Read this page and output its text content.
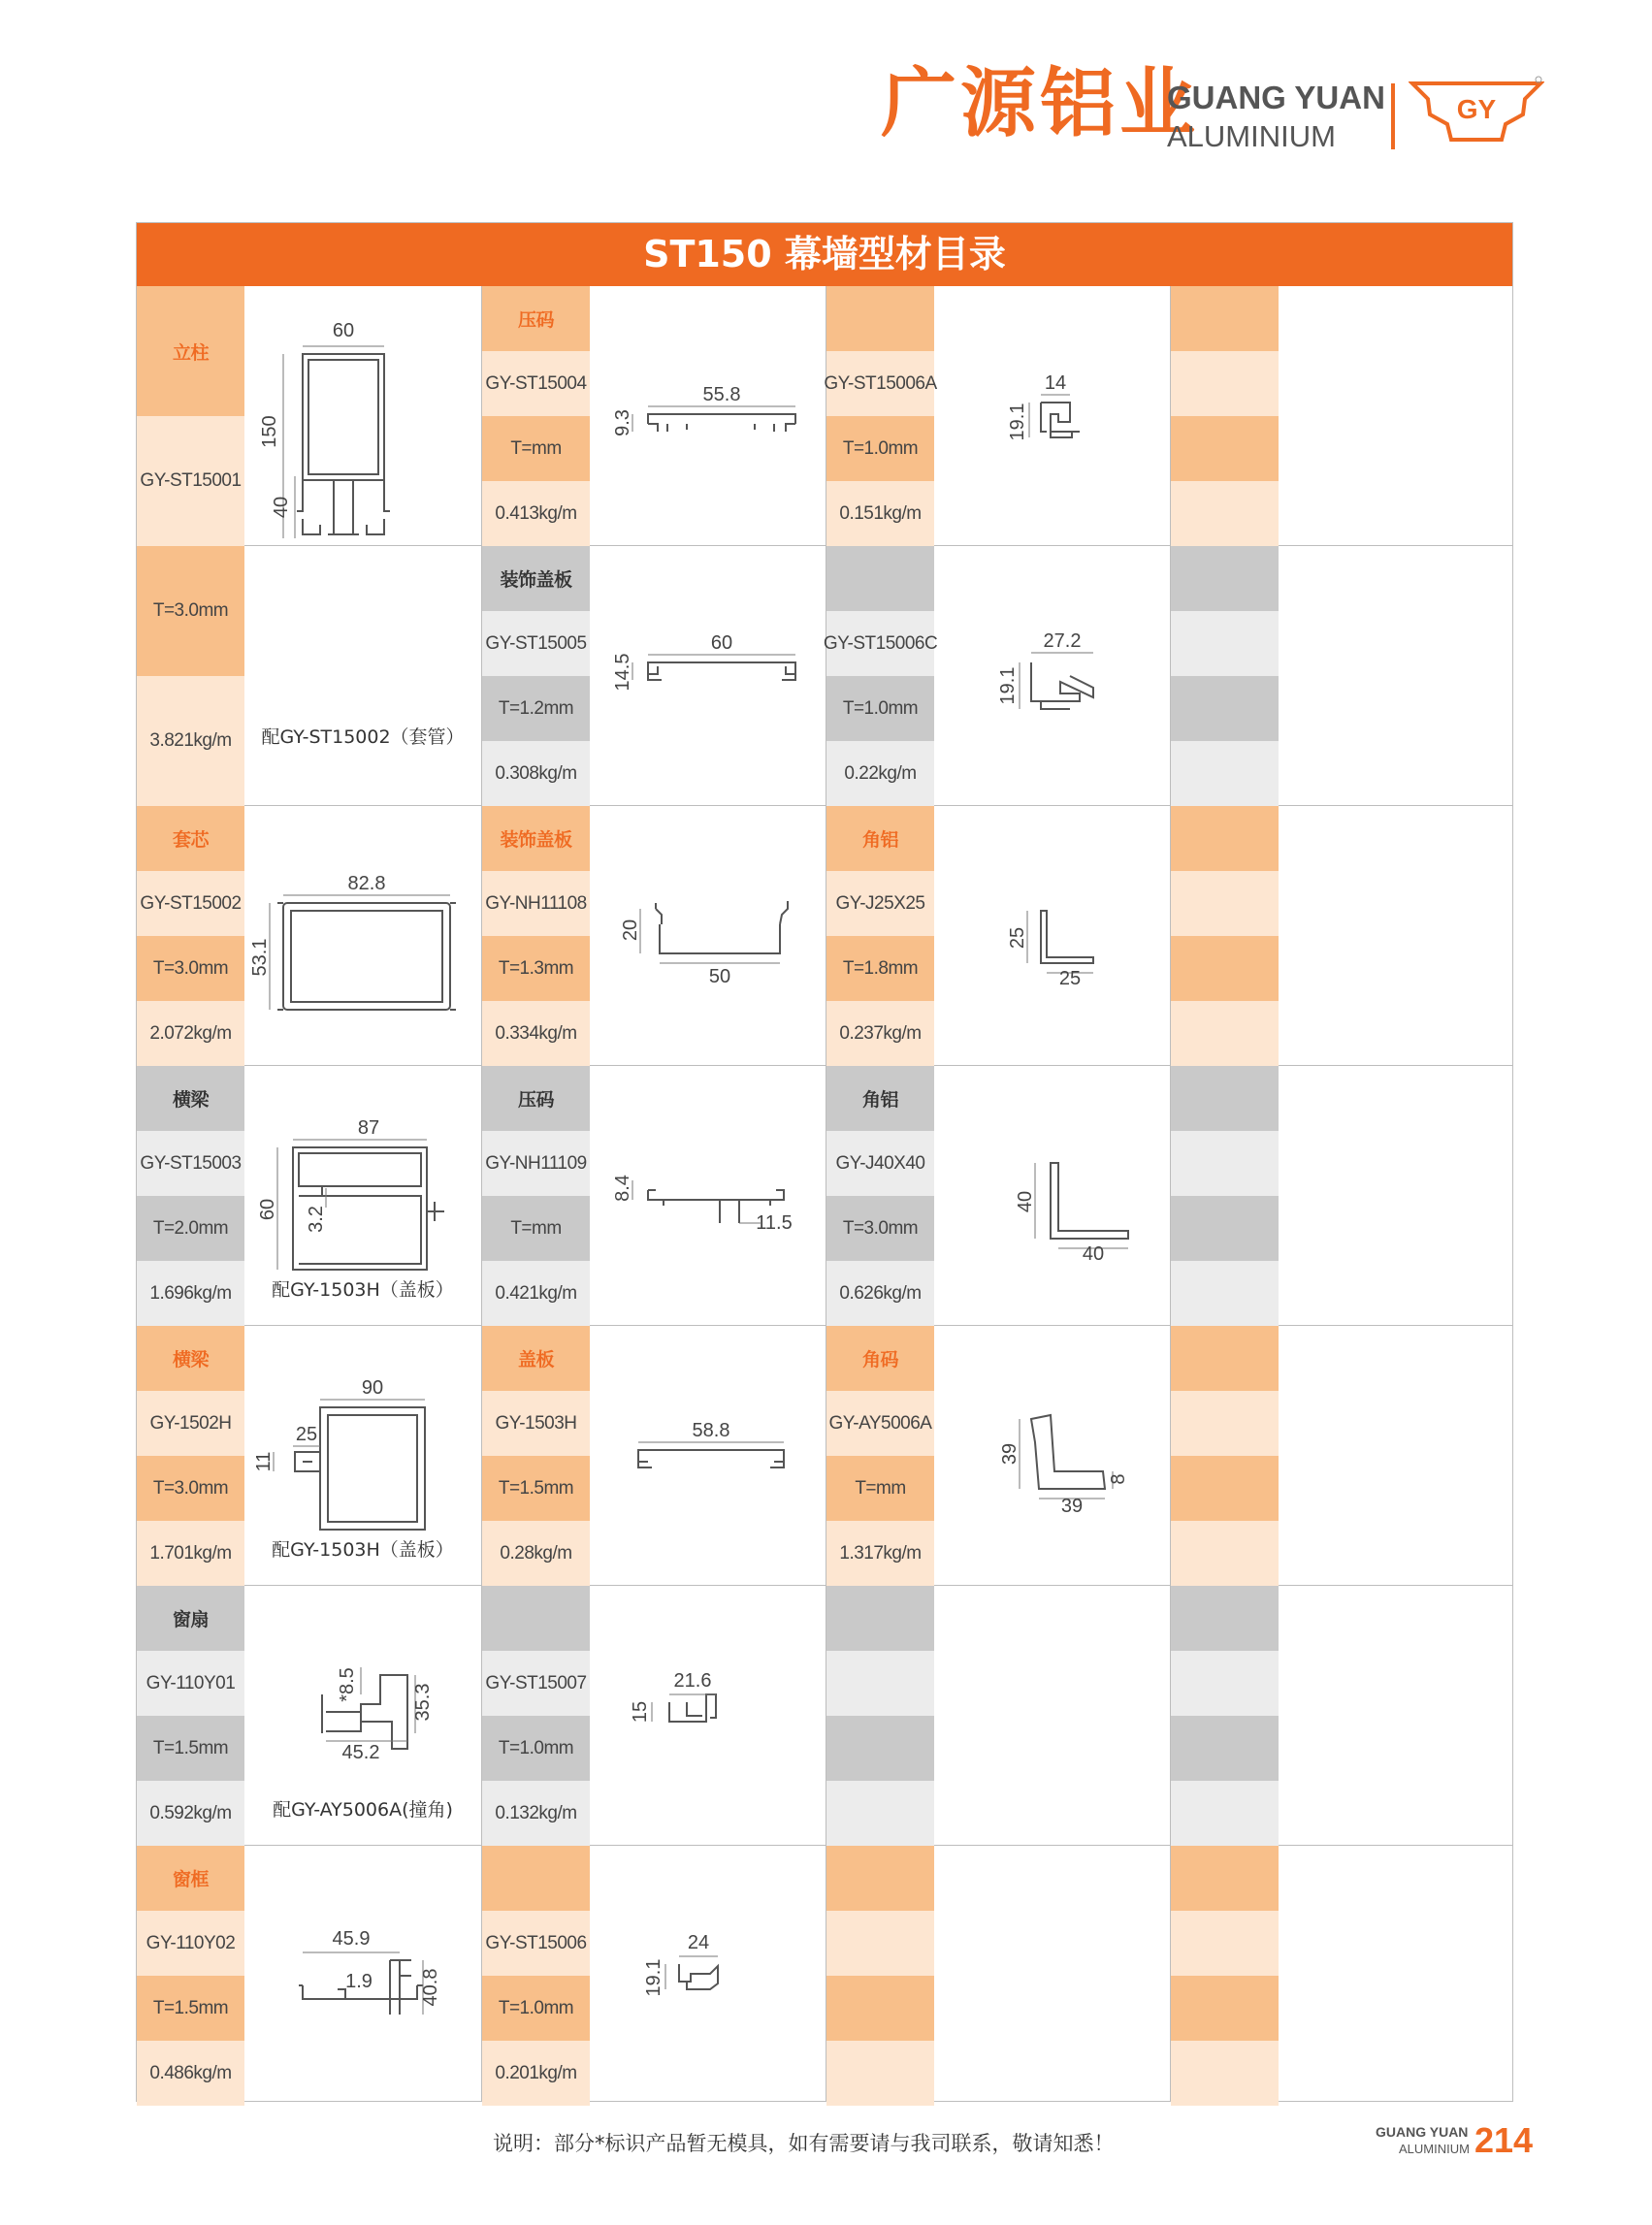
广源铝业
GUANG YUAN
ALUMINIUM
GY
ST150 幕墙型材目录
立柱
GY-ST15001
T=3.0mm
3.821kg/m
60
150
40
配GY-ST15002（套管）
压码
GY-ST15004
T=mm
0.413kg/m
55.8
9.3
GY-ST15006A
T=1.0mm
0.151kg/m
14
19.1
装饰盖板
GY-ST15005
T=1.2mm
0.308kg/m
60
14.5
GY-ST15006C
T=1.0mm
0.22kg/m
27.2
19.1
套芯
GY-ST15002
T=3.0mm
2.072kg/m
82.8
53.1
装饰盖板
GY-NH11108
T=1.3mm
0.334kg/m
50
20
角铝
GY-J25X25
T=1.8mm
0.237kg/m
25
25
横梁
GY-ST15003
T=2.0mm
1.696kg/m
87
60 3.2
配GY-1503H（盖板）
压码
GY-NH11109
T=mm
0.421kg/m
8.4
11.5
角铝
GY-J40X40
T=3.0mm
0.626kg/m
40
40
横梁
GY-1502H
T=3.0mm
1.701kg/m
90
25
11
配GY-1503H（盖板）
盖板
GY-1503H
T=1.5mm
0.28kg/m
58.8
角码
GY-AY5006A
T=mm
1.317kg/m
39
39
8
窗扇
GY-110Y01
T=1.5mm
0.592kg/m
45.2
35.3
*8.5
配GY-AY5006A(撞角)
GY-ST15007
T=1.0mm
0.132kg/m
21.6
15
窗框
GY-110Y02
T=1.5mm
0.486kg/m
45.9
1.9 40.8
GY-ST15006
T=1.0mm
0.201kg/m
24
19.1
说明：部分*标识产品暂无模具，如有需要请与我司联系，敬请知悉！	GUANG YUAN
ALUMINIUM 214
